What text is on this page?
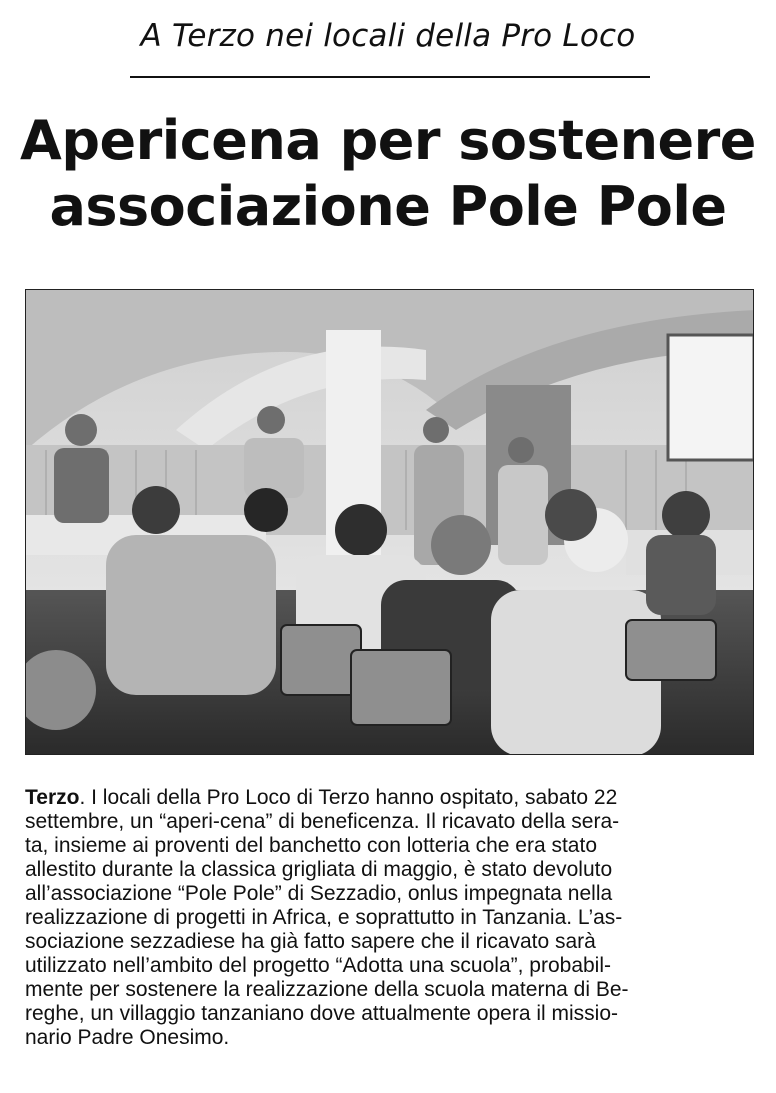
A Terzo nei locali della Pro Loco
Apericena per sostenere
associazione Pole Pole
Terzo. I locali della Pro Loco di Terzo hanno ospitato, sabato 22
settembre, un “aperi-cena” di beneficenza. Il ricavato della sera-
ta, insieme ai proventi del banchetto con lotteria che era stato
allestito durante la classica grigliata di maggio, è stato devoluto
all’associazione “Pole Pole” di Sezzadio, onlus impegnata nella
realizzazione di progetti in Africa, e soprattutto in Tanzania. L’as-
sociazione sezzadiese ha già fatto sapere che il ricavato sarà
utilizzato nell’ambito del progetto “Adotta una scuola”, probabil-
mente per sostenere la realizzazione della scuola materna di Be-
reghe, un villaggio tanzaniano dove attualmente opera il missio-
nario Padre Onesimo.
